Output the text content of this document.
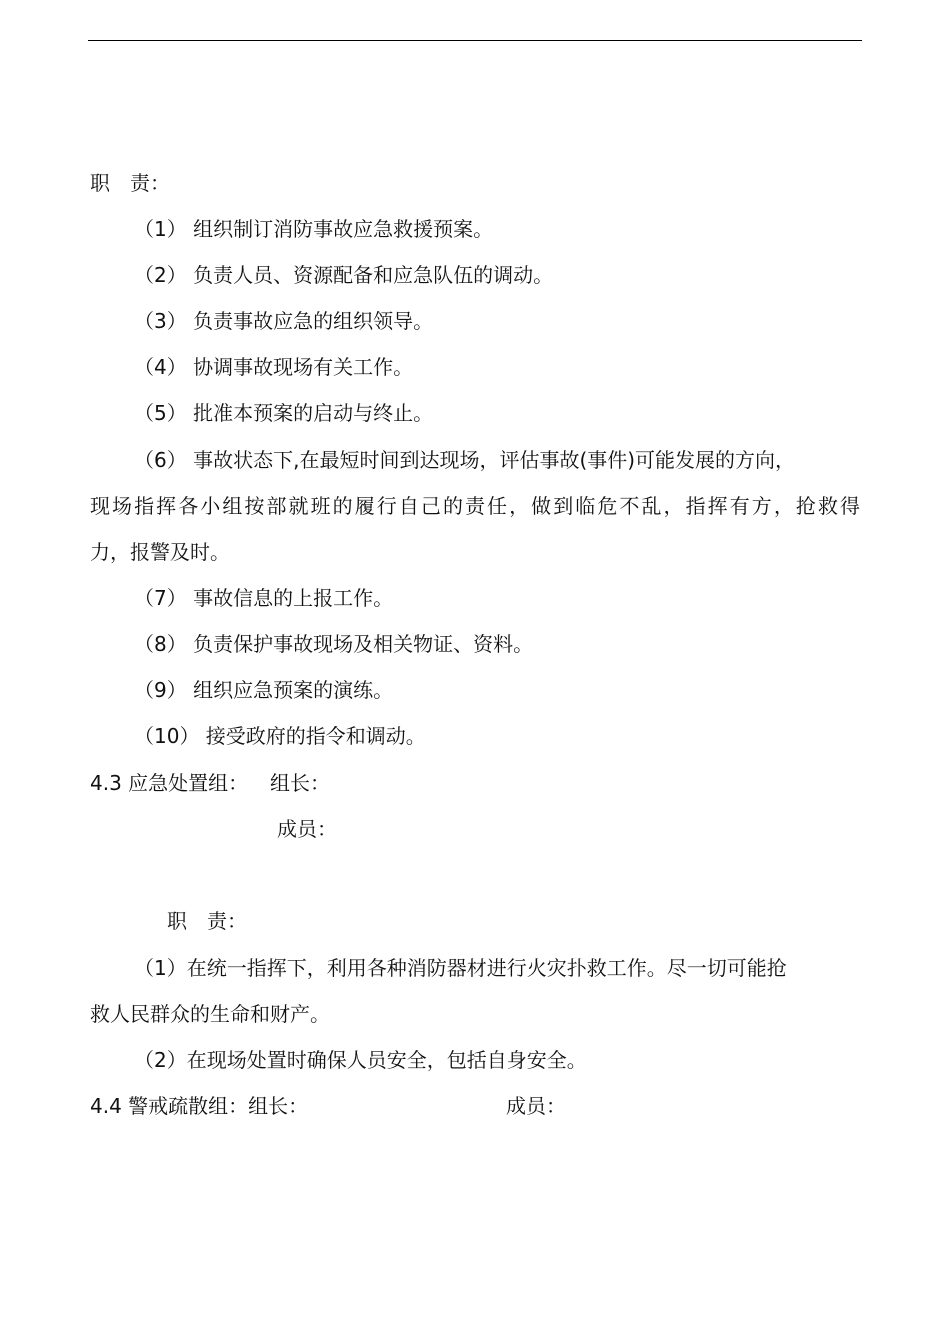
职　责：
（1） 组织制订消防事故应急救援预案。
（2） 负责人员、资源配备和应急队伍的调动。
（3） 负责事故应急的组织领导。
（4） 协调事故现场有关工作。
（5） 批准本预案的启动与终止。
（6） 事故状态下,在最短时间到达现场，评估事故(事件)可能发展的方向，
现场指挥各小组按部就班的履行自己的责任，做到临危不乱，指挥有方，抢救得
力，报警及时。
（7） 事故信息的上报工作。
（8） 负责保护事故现场及相关物证、资料。
（9） 组织应急预案的演练。
（10） 接受政府的指令和调动。
4.3 应急处置组： 组长：
成员：
职　责：
（1）在统一指挥下，利用各种消防器材进行火灾扑救工作。尽一切可能抢
救人民群众的生命和财产。
（2）在现场处置时确保人员安全，包括自身安全。
4.4 警戒疏散组：组长：	成员：
